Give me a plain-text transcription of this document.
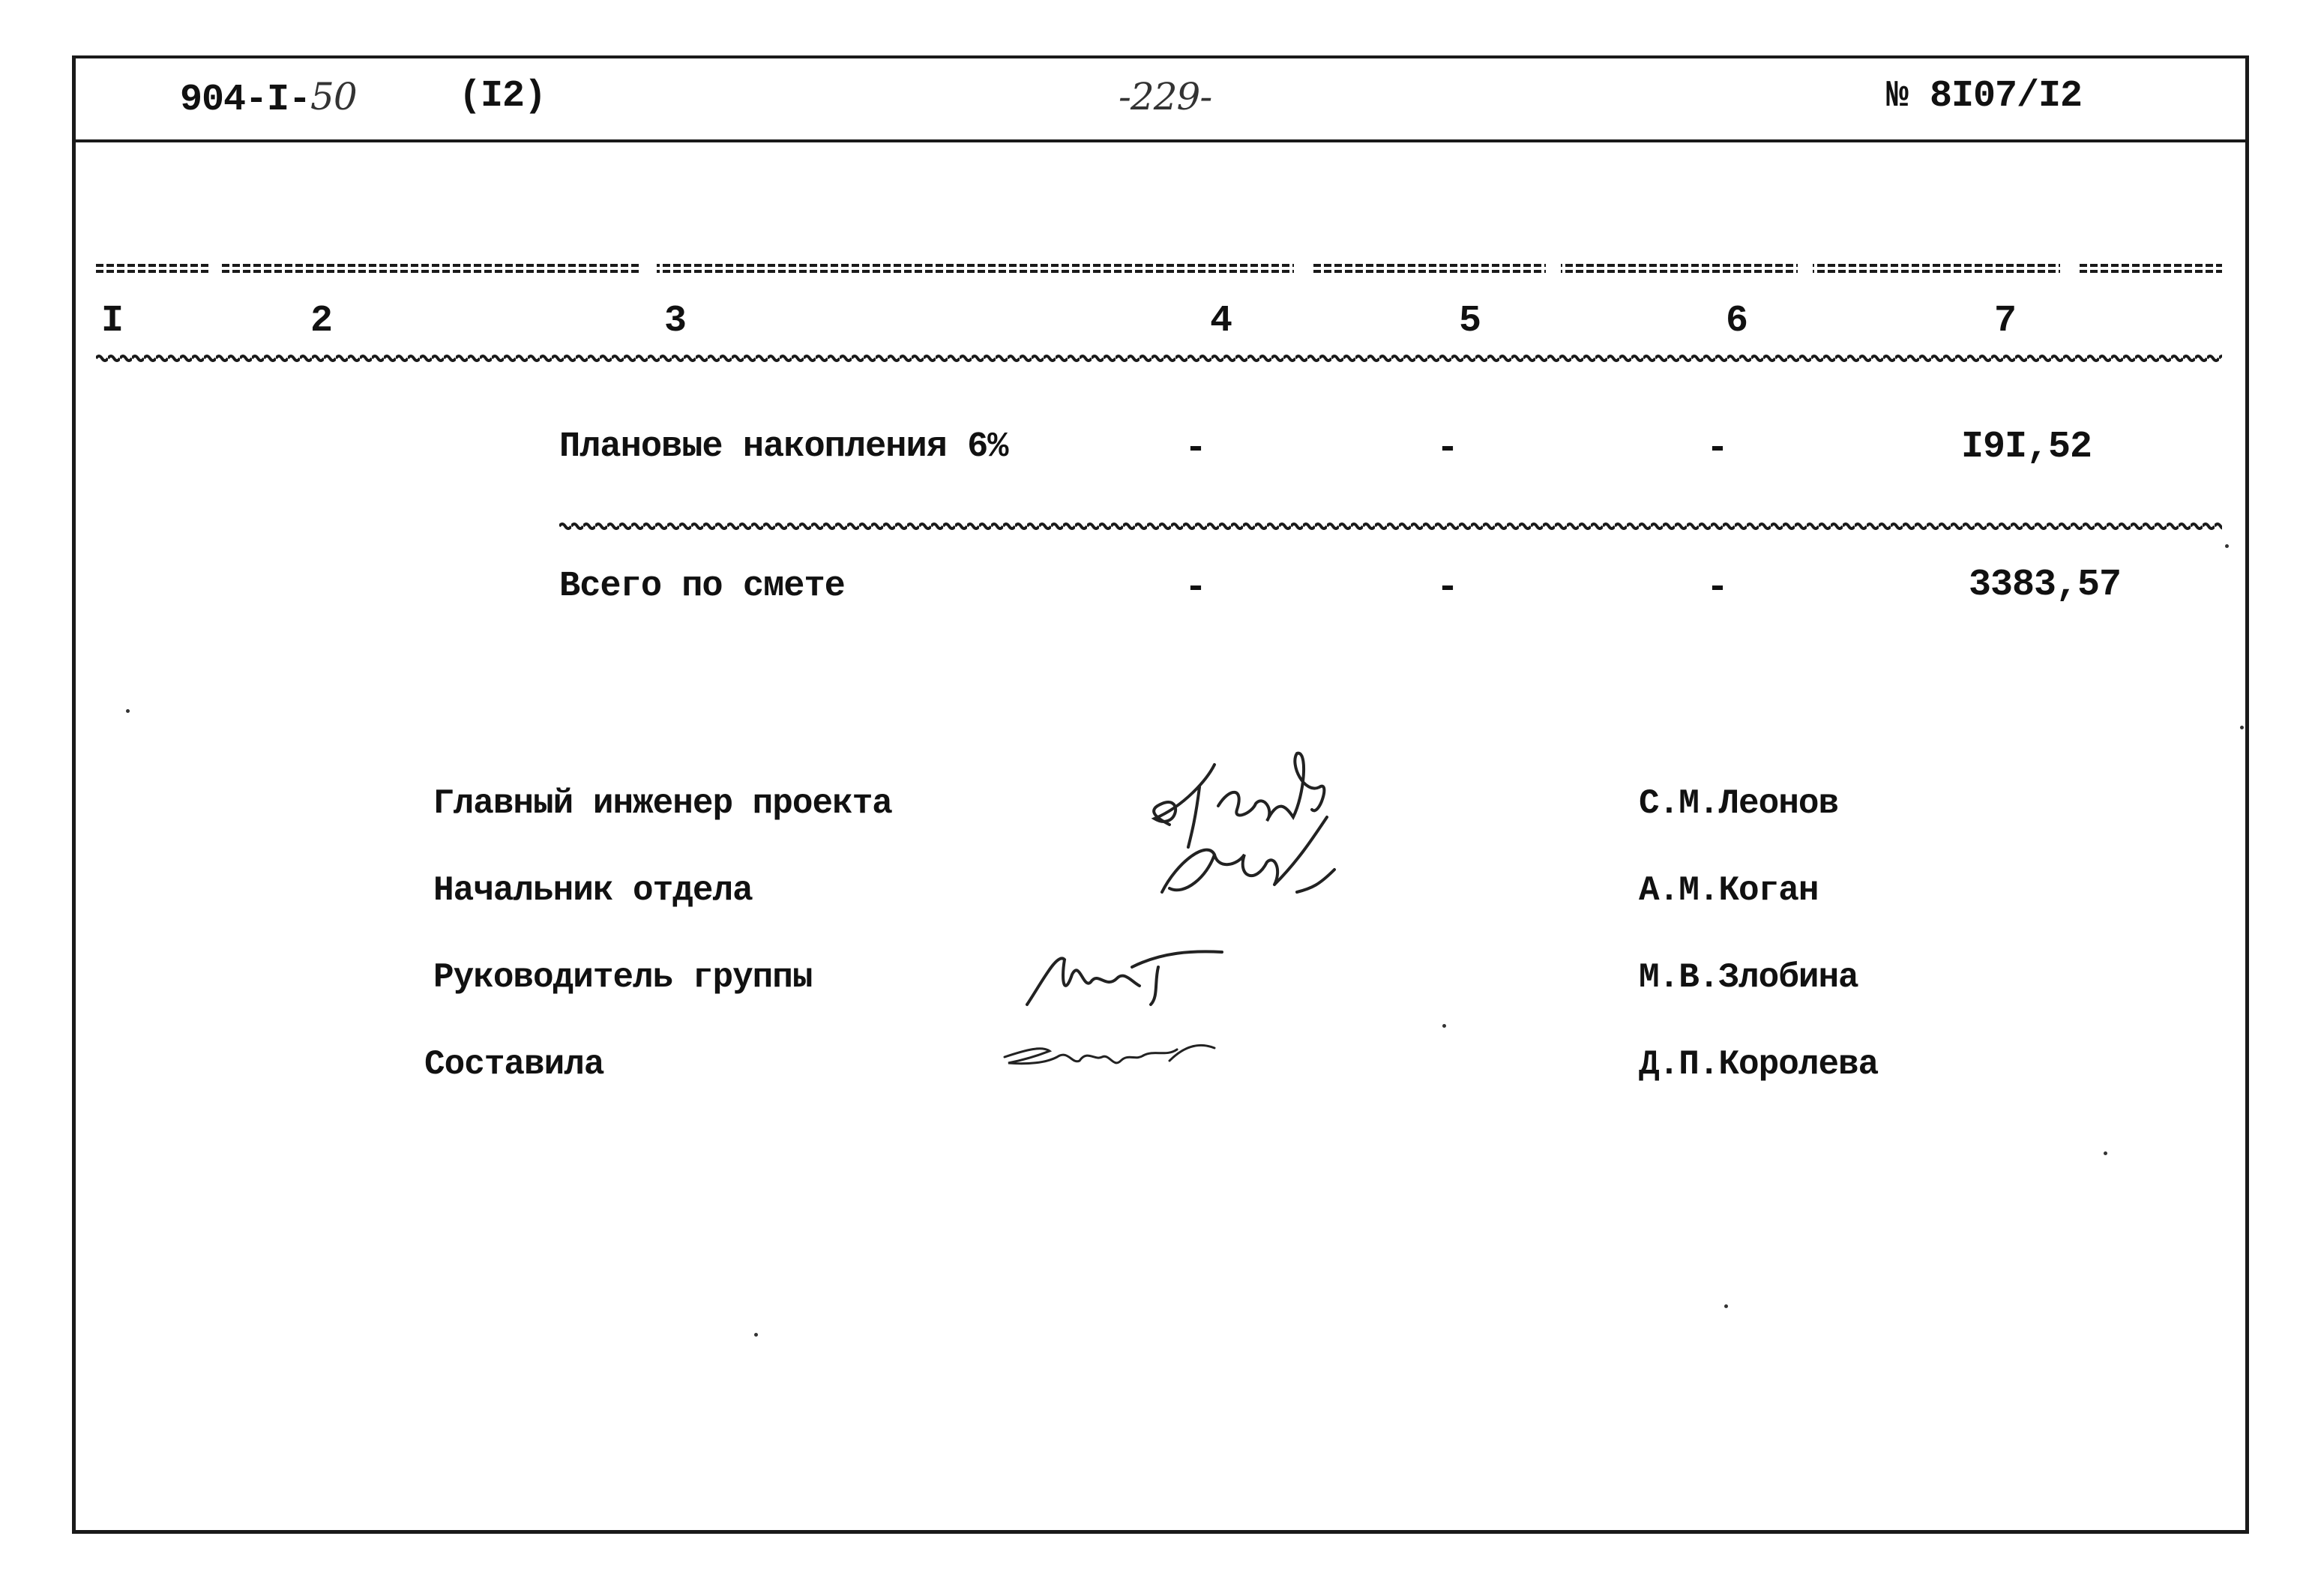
904-I-50	(I2)	-229-	№ 8I07/I2
I	2	3	4	5	6	7
Плановые накопления 6%	-	-	-	I9I,52
Всего по смете	-	-	-	3383,57
Главный инженер проекта
Начальник отдела
Руководитель группы
Составила
С.М.Леонов
А.М.Коган
М.В.Злобина
Д.П.Королева
